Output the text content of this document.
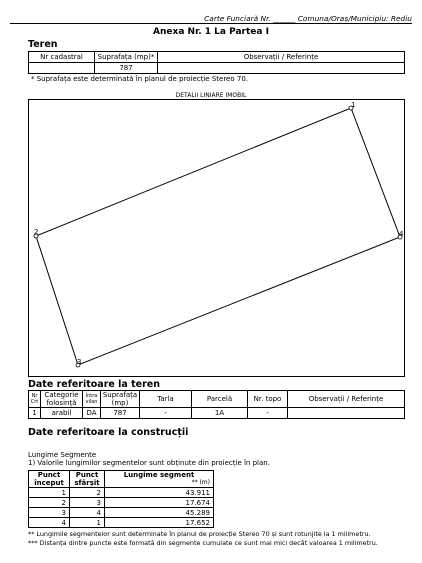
Carte Funciară Nr. ______ Comuna/Oraș/Municipiu: Rediu
Anexa Nr. 1 La Partea I
Teren
Nr cadastral	Suprafața (mp)*	Observații / Referințe
	787	
* Suprafața este determinată în planul de proiecție Stereo 70.
DETALII LINIARE IMOBIL
1
2
3
4
Date referitoare la teren
Nr Crt	Categorie folosință	Intra vilan	Suprafața (mp)	Tarla	Parcelă	Nr. topo	Observații / Referințe
1	arabil	DA	787	-	1A	-	
Date referitoare la construcții
Lungime Segmente
1) Valorile lungimilor segmentelor sunt obținute din proiecție în plan.
Punct început	Punct sfârșit	Lungime segment

** (m)

1	2	43.911
2	3	17.674
3	4	45.289
4	1	17.652
** Lungimile segmentelor sunt determinate în planul de proiecție Stereo 70 și sunt rotunjite la 1 milimetru.
*** Distanța dintre puncte este formată din segmente cumulate ce sunt mai mici decât valoarea 1 milimetru.
